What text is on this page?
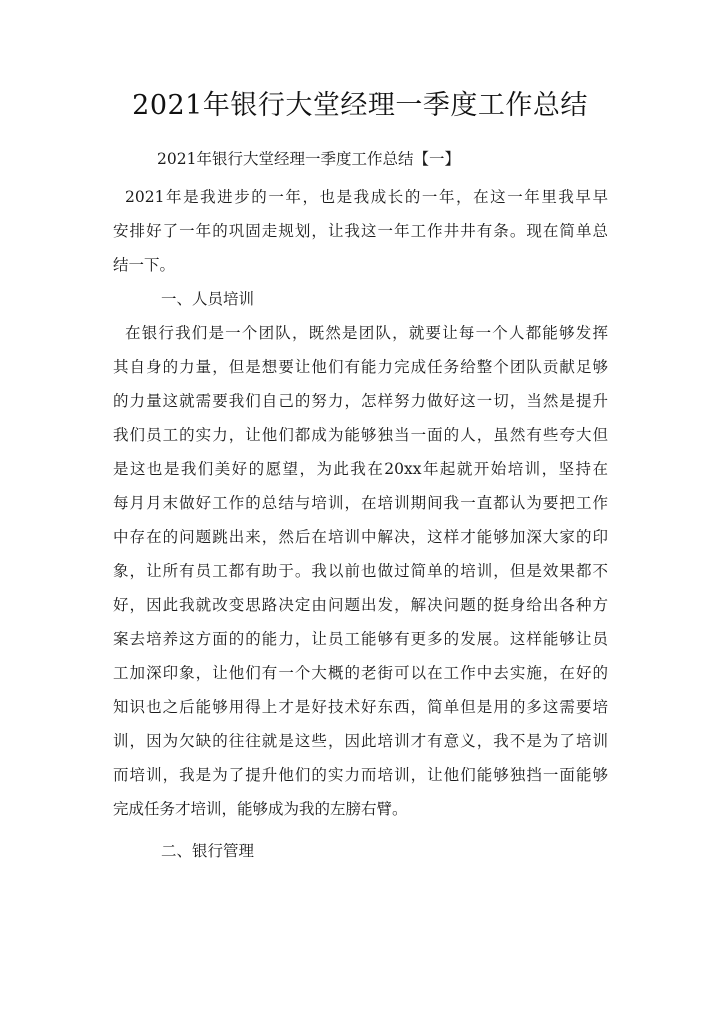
2021年银行大堂经理一季度工作总结
2021年银行大堂经理一季度工作总结【一】
2021年是我进步的一年，也是我成长的一年，在这一年里我早早
安排好了一年的巩固走规划，让我这一年工作井井有条。现在简单总
结一下。
一、人员培训
在银行我们是一个团队，既然是团队，就要让每一个人都能够发挥
其自身的力量，但是想要让他们有能力完成任务给整个团队贡献足够
的力量这就需要我们自己的努力，怎样努力做好这一切，当然是提升
我们员工的实力，让他们都成为能够独当一面的人，虽然有些夸大但
是这也是我们美好的愿望，为此我在20xx年起就开始培训，坚持在
每月月末做好工作的总结与培训，在培训期间我一直都认为要把工作
中存在的问题跳出来，然后在培训中解决，这样才能够加深大家的印
象，让所有员工都有助于。我以前也做过简单的培训，但是效果都不
好，因此我就改变思路决定由问题出发，解决问题的挺身给出各种方
案去培养这方面的的能力，让员工能够有更多的发展。这样能够让员
工加深印象，让他们有一个大概的老街可以在工作中去实施，在好的
知识也之后能够用得上才是好技术好东西，简单但是用的多这需要培
训，因为欠缺的往往就是这些，因此培训才有意义，我不是为了培训
而培训，我是为了提升他们的实力而培训，让他们能够独挡一面能够
完成任务才培训，能够成为我的左膀右臂。
二、银行管理
